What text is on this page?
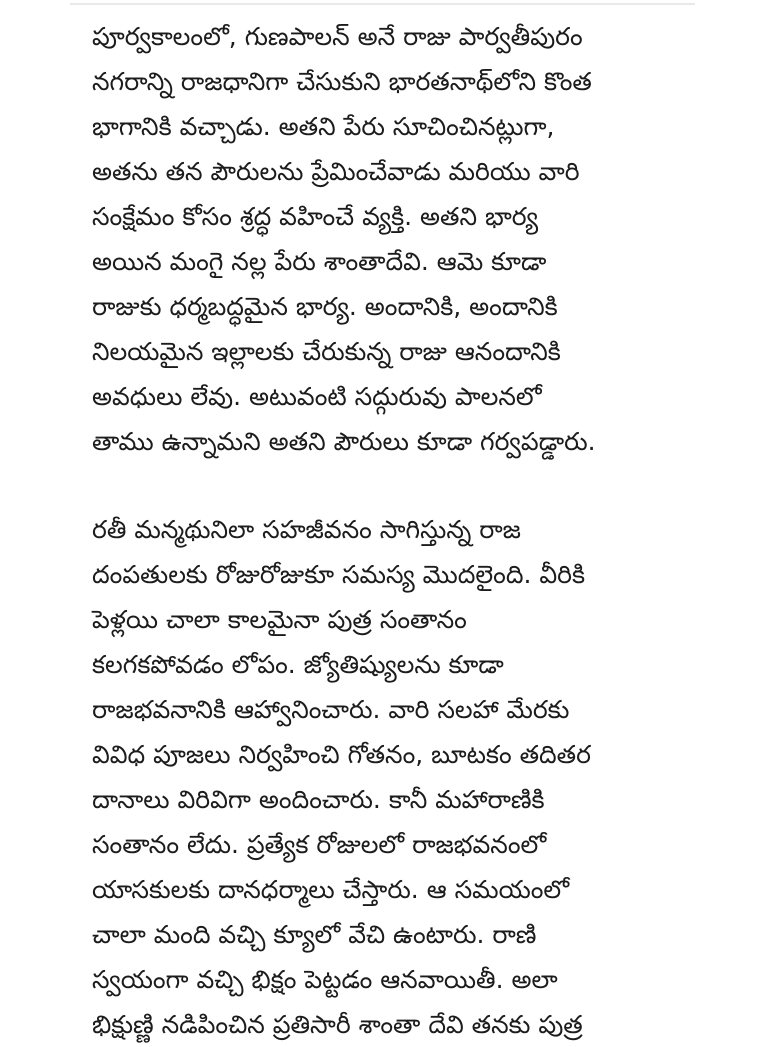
పూర్వకాలంలో, గుణపాలన్ అనే రాజు పార్వతీపురం
నగరాన్ని రాజధానిగా చేసుకుని భారతనాథ్‌లోని కొంత
భాగానికి వచ్చాడు. అతని పేరు సూచించినట్లుగా,
అతను తన పౌరులను ప్రేమించేవాడు మరియు వారి
సంక్షేమం కోసం శ్రద్ధ వహించే వ్యక్తి. అతని భార్య
అయిన మంగై నల్ల పేరు శాంతాదేవి. ఆమె కూడా
రాజుకు ధర్మబద్ధమైన భార్య. అందానికి, అందానికి
నిలయమైన ఇల్లాలకు చేరుకున్న రాజు ఆనందానికి
అవధులు లేవు. అటువంటి సద్గురువు పాలనలో
తాము ఉన్నామని అతని పౌరులు కూడా గర్వపడ్డారు.

రతీ మన్మథునిలా సహజీవనం సాగిస్తున్న రాజ
దంపతులకు రోజురోజుకూ సమస్య మొదలైంది. వీరికి
పెళ్లయి చాలా కాలమైనా పుత్ర సంతానం
కలగకపోవడం లోపం. జ్యోతిష్యులను కూడా
రాజభవనానికి ఆహ్వానించారు. వారి సలహా మేరకు
వివిధ పూజలు నిర్వహించి గోతనం, బూటకం తదితర
దానాలు విరివిగా అందించారు. కానీ మహారాణికి
సంతానం లేదు. ప్రత్యేక రోజులలో రాజభవనంలో
యాసకులకు దానధర్మాలు చేస్తారు. ఆ సమయంలో
చాలా మంది వచ్చి క్యూలో వేచి ఉంటారు. రాణి
స్వయంగా వచ్చి భిక్షం పెట్టడం ఆనవాయితీ. అలా
భిక్షుణ్ణి నడిపించిన ప్రతిసారీ శాంతా దేవి తనకు పుత్ర
